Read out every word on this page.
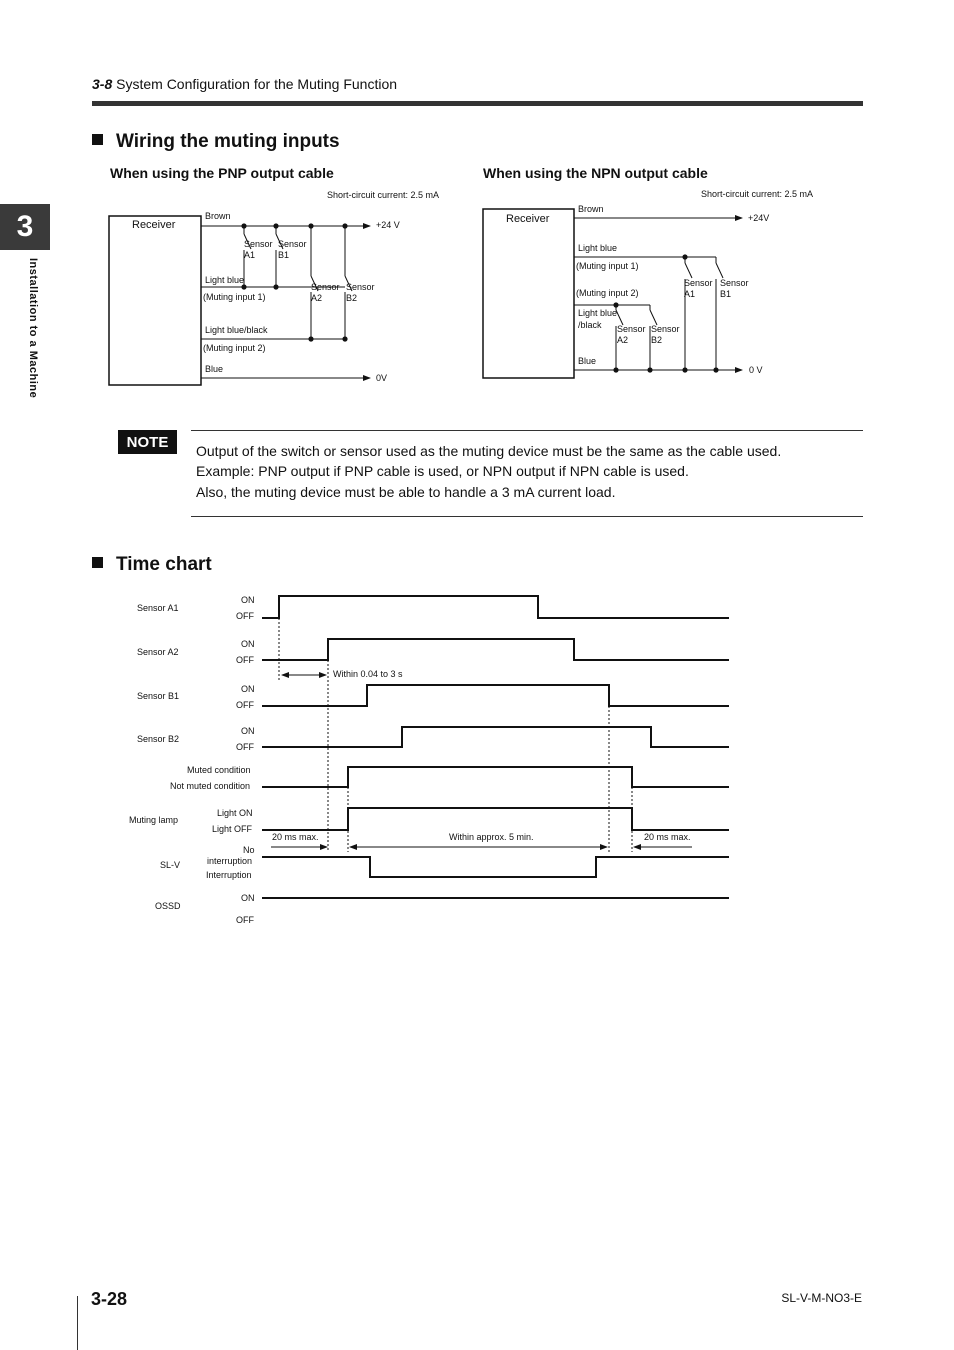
3-8 System Configuration for the Muting Function
3
Installation to a Machine
Wiring the muting inputs
When using the PNP output cable	When using the NPN output cable
Short-circuit current: 2.5 mA
Receiver
Brown
+24 V
Sensor
A1
Sensor
B1
Light blue
(Muting input 1)
Sensor
A2
Sensor
B2
Light blue/black
(Muting input 2)
Blue
0V
Short-circuit current: 2.5 mA
Receiver
Brown
+24V
Light blue
(Muting input 1)
(Muting input 2)
Light blue
/black
Sensor
A1
Sensor
B1
Sensor
A2
Sensor
B2
Blue
0 V
NOTE
Output of the switch or sensor used as the muting device must be the same as the cable used.
Example: PNP output if PNP cable is used, or NPN output if NPN cable is used.
Also, the muting device must be able to handle a 3 mA current load.
Time chart
Sensor A1
ON
OFF
Sensor A2
ON
OFF
Sensor B1
ON
OFF
Sensor B2
ON
OFF
Muted condition
Not muted condition
Muting lamp
Light ON
Light OFF
SL-V
No
interruption
Interruption
OSSD
ON
OFF
Within 0.04 to 3 s
20 ms max.	Within approx. 5 min.	20 ms max.
3-28	SL-V-M-NO3-E
